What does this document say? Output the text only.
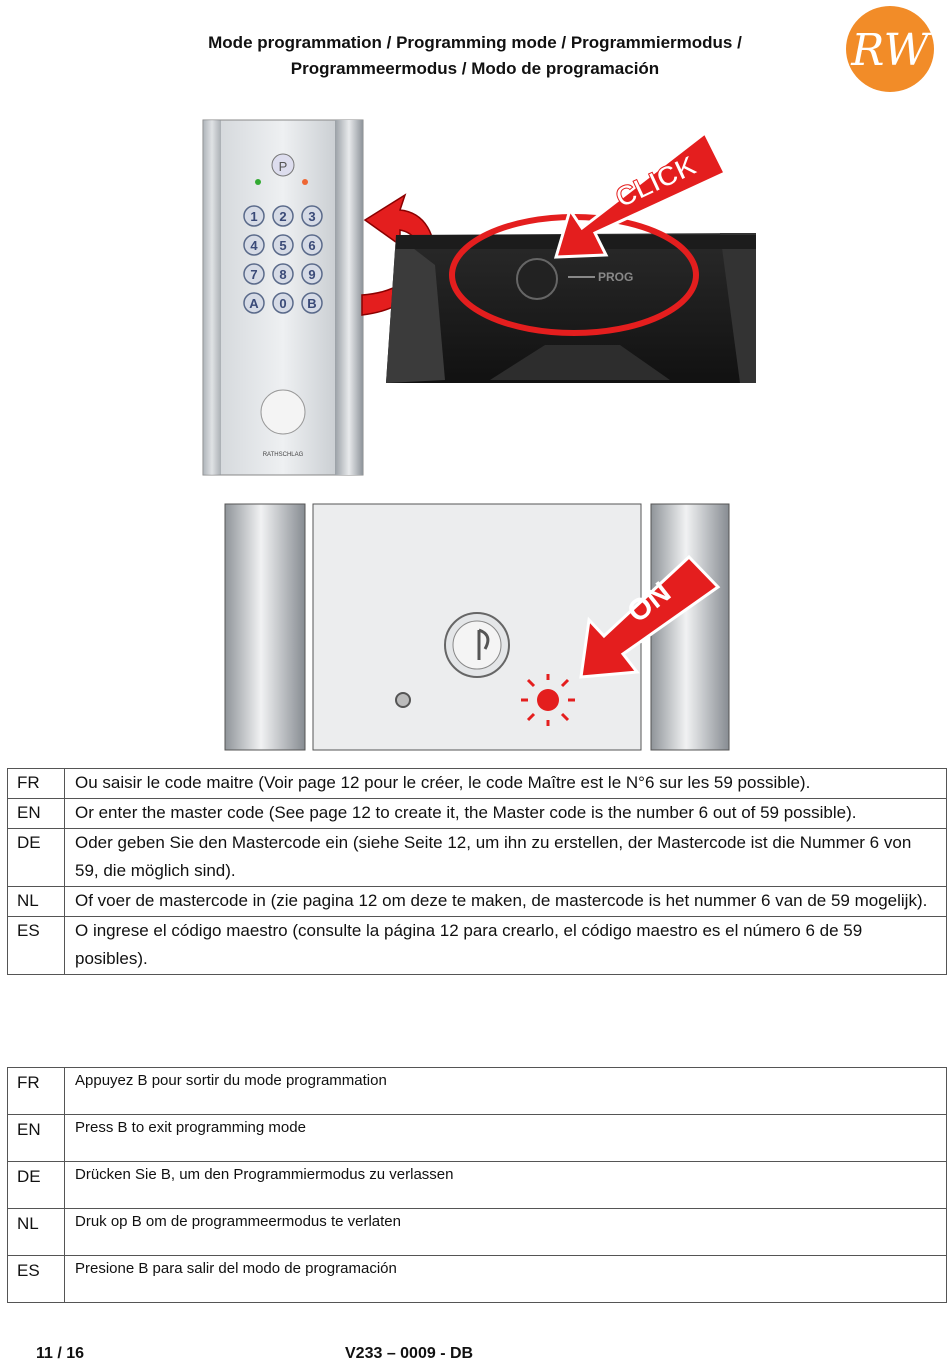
Mode programmation / Programming mode / Programmiermodus /
Programmeermodus / Modo de programación	RW
P
1 2 3
4 5 6
7 8 9
A 0 B
RATHSCHLAG
PROG
CLICK
ON
FR	Ou saisir le code maitre (Voir page 12 pour le créer, le code Maître est le N°6 sur les 59 possible).
EN	Or enter the master code (See page 12 to create it, the Master code is the number 6 out of 59 possible).
DE	Oder geben Sie den Mastercode ein (siehe Seite 12, um ihn zu erstellen, der Mastercode ist die Nummer 6 von 59, die möglich sind).
NL	Of voer de mastercode in (zie pagina 12 om deze te maken, de mastercode is het nummer 6 van de 59 mogelijk).
ES	O ingrese el código maestro (consulte la página 12 para crearlo, el código maestro es el número 6 de 59 posibles).
FR	Appuyez B pour sortir du mode programmation
EN	Press B to exit programming mode
DE	Drücken Sie B, um den Programmiermodus zu verlassen
NL	Druk op B om de programmeermodus te verlaten
ES	Presione B para salir del modo de programación
11 / 16	V233 – 0009 - DB
